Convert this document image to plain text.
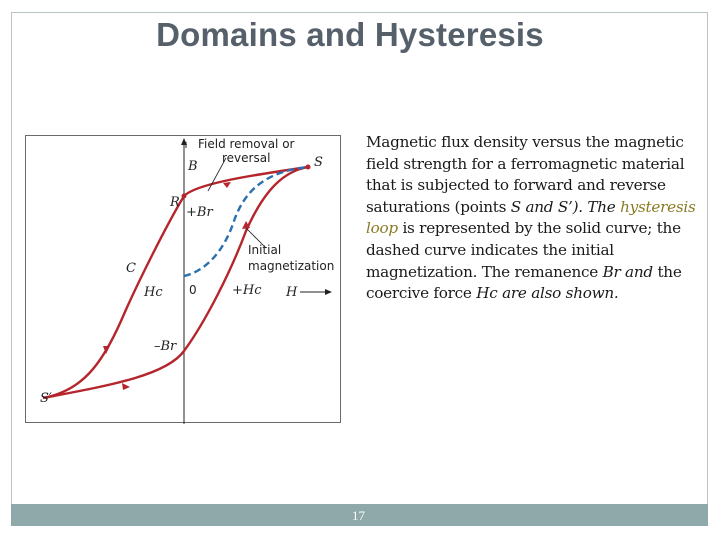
Domains and Hysteresis
Field removal or
reversal
Initial
magnetization
0
B	S
R
+Br
C
Hc	+Hc H
–Br
S′
Magnetic flux density versus the magnetic field strength for a ferromagnetic material that is subjected to forward and reverse saturations (points S and S’). The hysteresis loop is represented by the solid curve; the dashed curve indicates the initial magnetization. The remanence Br and the coercive force Hc are also shown.
17
